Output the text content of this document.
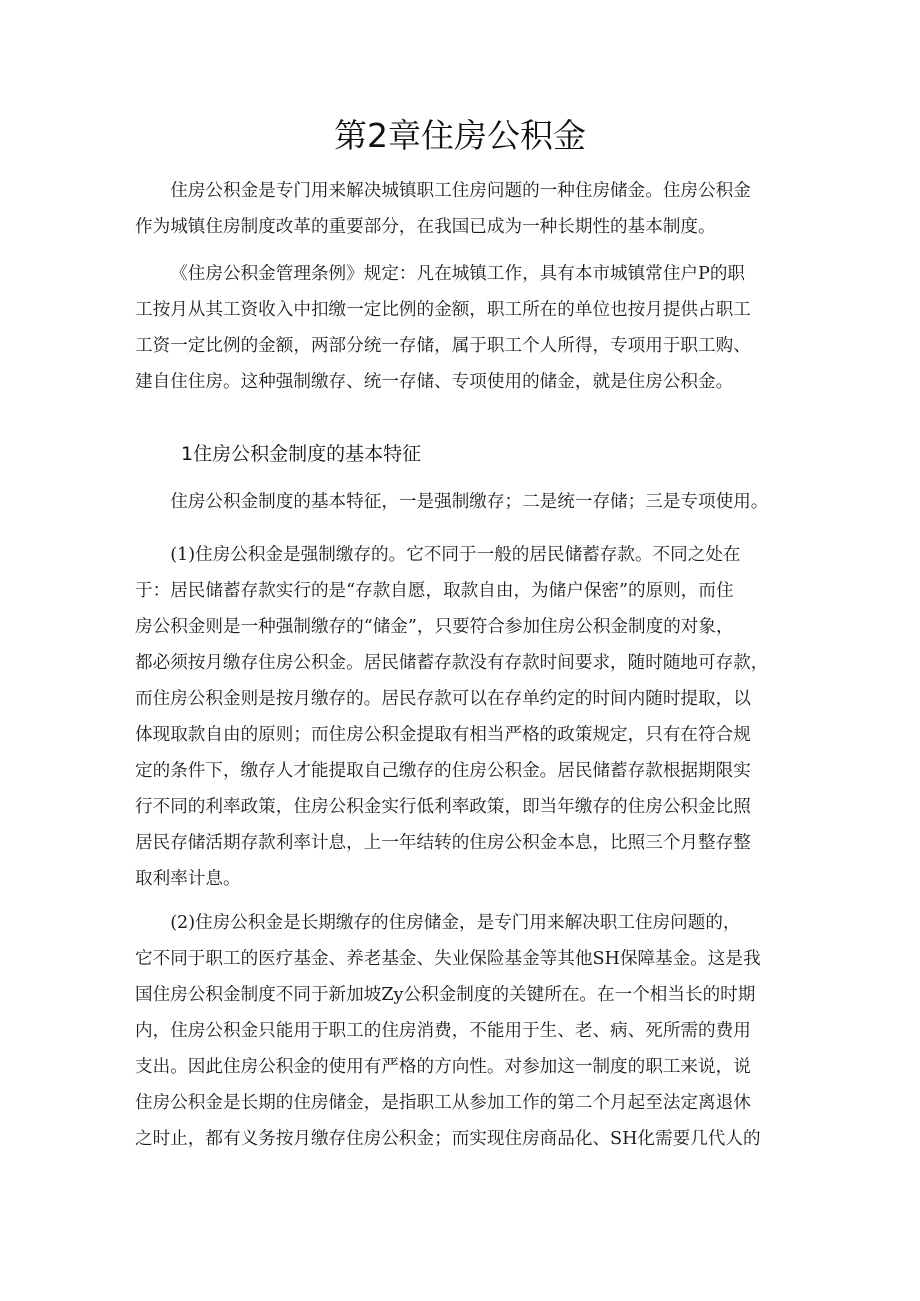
第2章住房公积金

住房公积金是专门用来解决城镇职工住房问题的一种住房储金。住房公积金
作为城镇住房制度改革的重要部分，在我国已成为一种长期性的基本制度。

《住房公积金管理条例》规定：凡在城镇工作，具有本市城镇常住户P的职
工按月从其工资收入中扣缴一定比例的金额，职工所在的单位也按月提供占职工
工资一定比例的金额，两部分统一存储，属于职工个人所得，专项用于职工购、
建自住住房。这种强制缴存、统一存储、专项使用的储金，就是住房公积金。

1住房公积金制度的基本特征

住房公积金制度的基本特征，一是强制缴存；二是统一存储；三是专项使用。

(1)住房公积金是强制缴存的。它不同于一般的居民储蓄存款。不同之处在
于：居民储蓄存款实行的是“存款自愿，取款自由，为储户保密”的原则，而住
房公积金则是一种强制缴存的“储金”，只要符合参加住房公积金制度的对象，
都必须按月缴存住房公积金。居民储蓄存款没有存款时间要求，随时随地可存款，
而住房公积金则是按月缴存的。居民存款可以在存单约定的时间内随时提取，以
体现取款自由的原则；而住房公积金提取有相当严格的政策规定，只有在符合规
定的条件下，缴存人才能提取自己缴存的住房公积金。居民储蓄存款根据期限实
行不同的利率政策，住房公积金实行低利率政策，即当年缴存的住房公积金比照
居民存储活期存款利率计息，上一年结转的住房公积金本息，比照三个月整存整
取利率计息。

(2)住房公积金是长期缴存的住房储金，是专门用来解决职工住房问题的，
它不同于职工的医疗基金、养老基金、失业保险基金等其他SH保障基金。这是我
国住房公积金制度不同于新加坡Zy公积金制度的关键所在。在一个相当长的时期
内，住房公积金只能用于职工的住房消费，不能用于生、老、病、死所需的费用
支出。因此住房公积金的使用有严格的方向性。对参加这一制度的职工来说，说
住房公积金是长期的住房储金，是指职工从参加工作的第二个月起至法定离退休
之时止，都有义务按月缴存住房公积金；而实现住房商品化、SH化需要几代人的
